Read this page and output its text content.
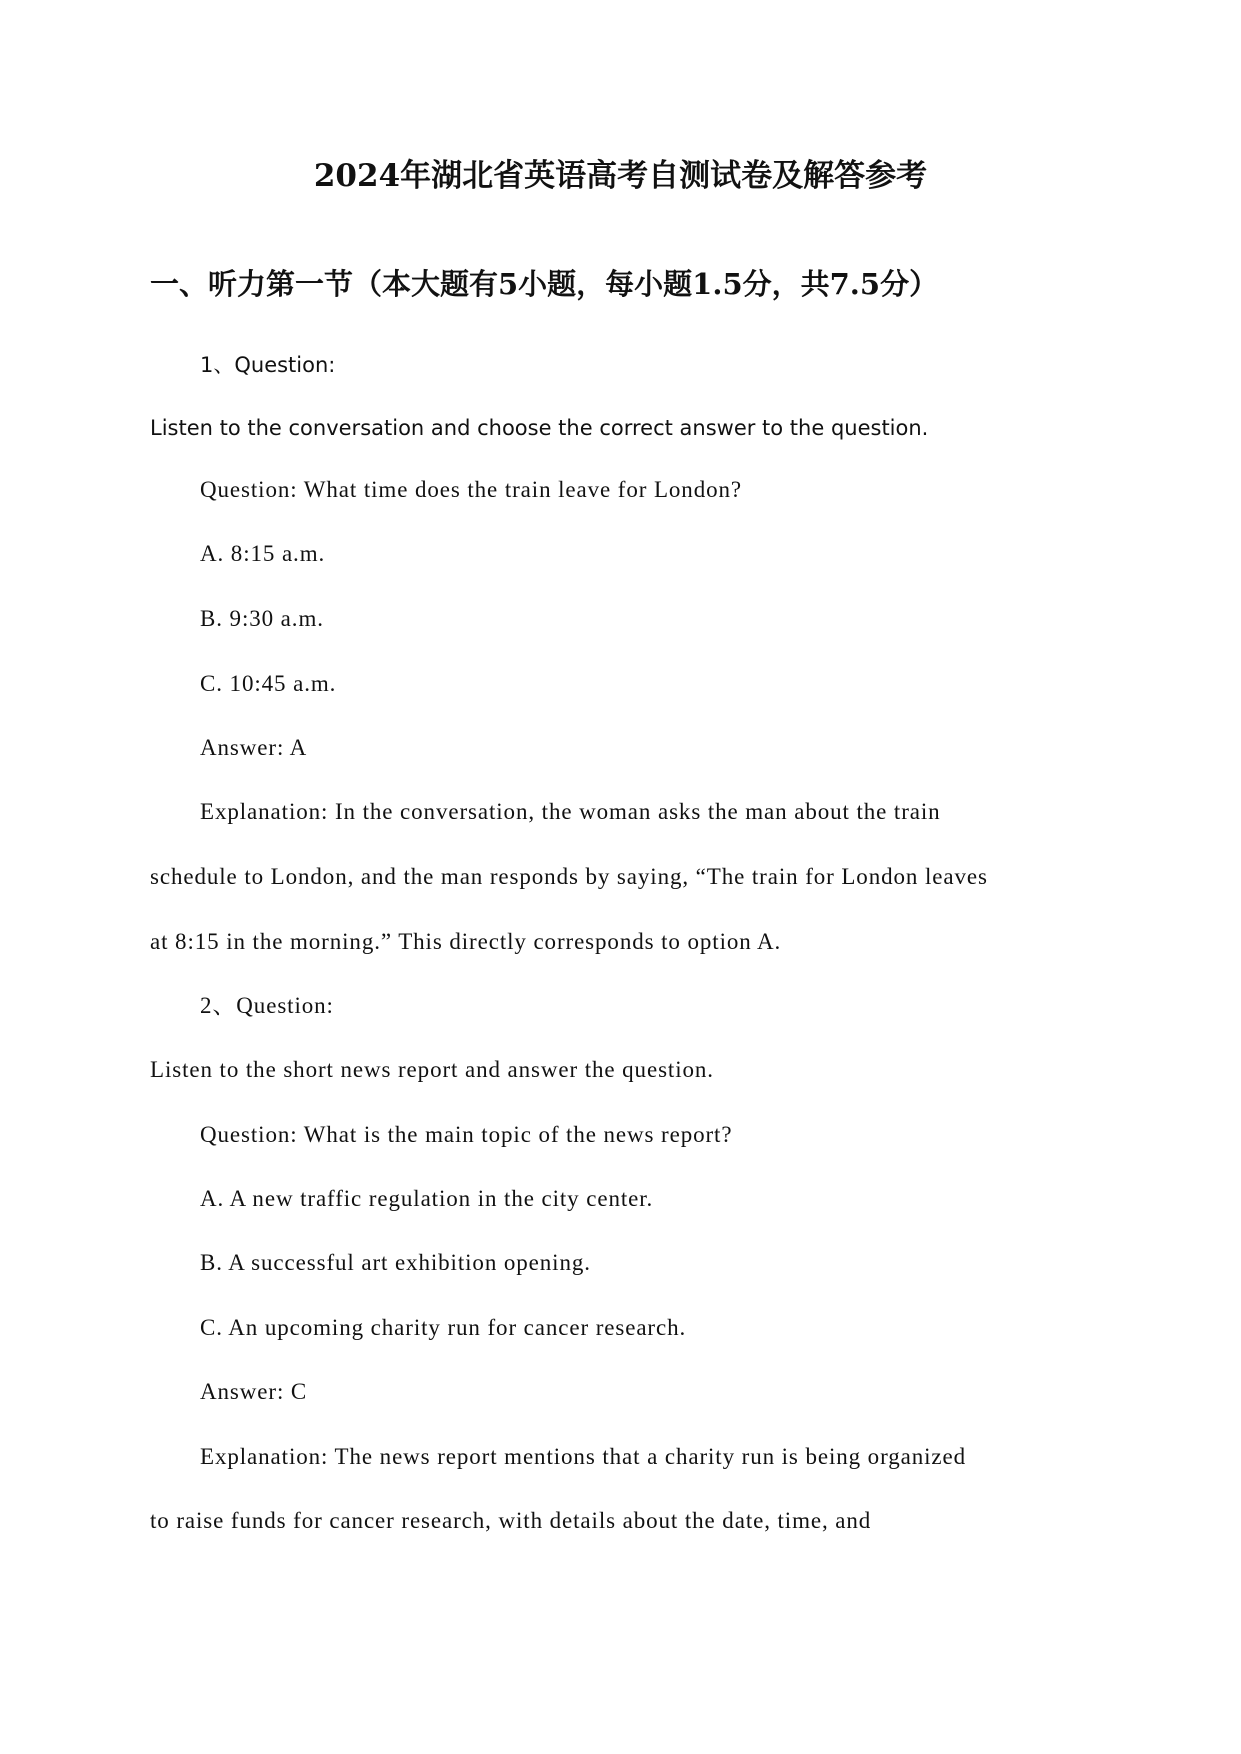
2024年湖北省英语高考自测试卷及解答参考
一、听力第一节（本大题有5小题，每小题1.5分，共7.5分）
1、Question:
Listen to the conversation and choose the correct answer to the question.
Question: What time does the train leave for London?
A. 8:15 a.m.
B. 9:30 a.m.
C. 10:45 a.m.
Answer: A
Explanation: In the conversation, the woman asks the man about the train
schedule to London, and the man responds by saying, “The train for London leaves
at 8:15 in the morning.” This directly corresponds to option A.
2、Question:
Listen to the short news report and answer the question.
Question: What is the main topic of the news report?
A. A new traffic regulation in the city center.
B. A successful art exhibition opening.
C. An upcoming charity run for cancer research.
Answer: C
Explanation: The news report mentions that a charity run is being organized
to raise funds for cancer research, with details about the date, time, and
